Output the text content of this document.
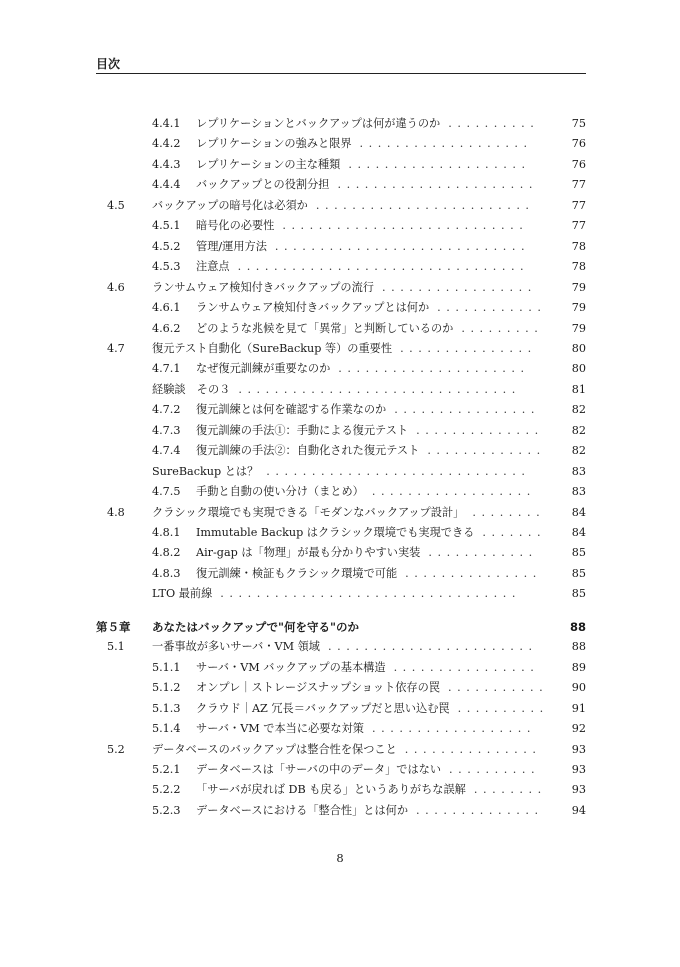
目次
4.4.1 レプリケーションとバックアップは何が違うのか	75
. . . . . . . . . .
4.4.2 レプリケーションの強みと限界	76
. . . . . . . . . . . . . . . . . . .
4.4.3 レプリケーションの主な種類	76
. . . . . . . . . . . . . . . . . . . .
4.4.4 バックアップとの役割分担	77
. . . . . . . . . . . . . . . . . . . . . .
4.5 バックアップの暗号化は必須か	77
. . . . . . . . . . . . . . . . . . . . . . . .
4.5.1 暗号化の必要性	77
. . . . . . . . . . . . . . . . . . . . . . . . . . .
4.5.2 管理/運用方法	78
. . . . . . . . . . . . . . . . . . . . . . . . . . . .
4.5.3 注意点	78
. . . . . . . . . . . . . . . . . . . . . . . . . . . . . . . .
4.6 ランサムウェア検知付きバックアップの流行	79
. . . . . . . . . . . . . . . . .
4.6.1 ランサムウェア検知付きバックアップとは何か	79
. . . . . . . . . . . .
4.6.2 どのような兆候を見て「異常」と判断しているのか	79
. . . . . . . . .
4.7 復元テスト自動化（SureBackup 等）の重要性	80
. . . . . . . . . . . . . . .
4.7.1 なぜ復元訓練が重要なのか	80
. . . . . . . . . . . . . . . . . . . . .
経験談　その３	81
. . . . . . . . . . . . . . . . . . . . . . . . . . . . . . .
4.7.2 復元訓練とは何を確認する作業なのか	82
. . . . . . . . . . . . . . . .
4.7.3 復元訓練の手法①：手動による復元テスト	82
. . . . . . . . . . . . . .
4.7.4 復元訓練の手法②：自動化された復元テスト	82
. . . . . . . . . . . . .
SureBackup とは？	83
. . . . . . . . . . . . . . . . . . . . . . . . . . . . .
4.7.5 手動と自動の使い分け（まとめ）	83
. . . . . . . . . . . . . . . . . .
4.8 クラシック環境でも実現できる「モダンなバックアップ設計」	84
. . . . . . . .
4.8.1 Immutable Backup はクラシック環境でも実現できる	84
. . . . . . .
4.8.2 Air-gap は「物理」が最も分かりやすい実装	85
. . . . . . . . . . . .
4.8.3 復元訓練・検証もクラシック環境で可能	85
. . . . . . . . . . . . . . .
LTO 最前線	85
. . . . . . . . . . . . . . . . . . . . . . . . . . . . . . . . .
第５章 あなたはバックアップで"何を守る"のか	88
5.1 一番事故が多いサーバ・VM 領域	88
. . . . . . . . . . . . . . . . . . . . . . .
5.1.1 サーバ・VM バックアップの基本構造	89
. . . . . . . . . . . . . . . .
5.1.2 オンプレ｜ストレージスナップショット依存の罠	90
. . . . . . . . . . .
5.1.3 クラウド｜AZ 冗長＝バックアップだと思い込む罠	91
. . . . . . . . . .
5.1.4 サーバ・VM で本当に必要な対策	92
. . . . . . . . . . . . . . . . . .
5.2 データベースのバックアップは整合性を保つこと	93
. . . . . . . . . . . . . . .
5.2.1 データベースは「サーバの中のデータ」ではない	93
. . . . . . . . . .
5.2.2 「サーバが戻れば DB も戻る」というありがちな誤解	93
. . . . . . . .
5.2.3 データベースにおける「整合性」とは何か	94
. . . . . . . . . . . . . .
8
